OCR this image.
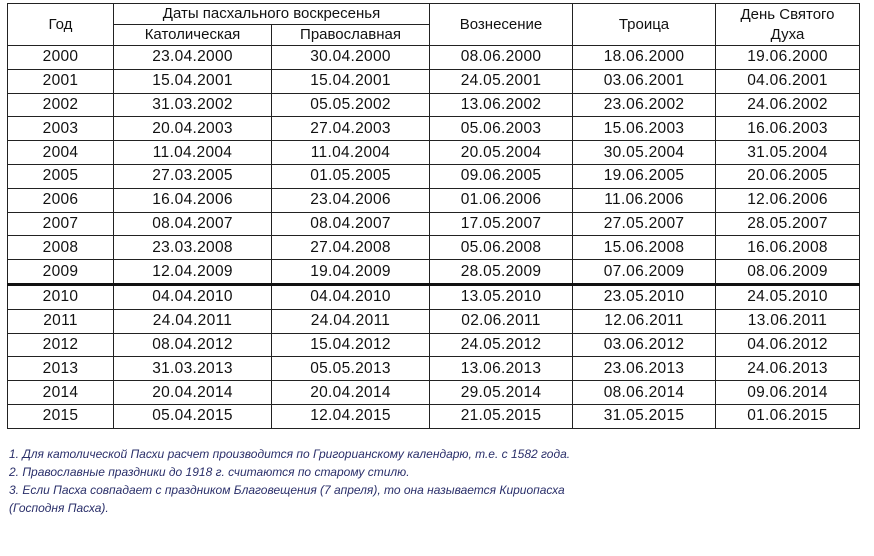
Год	Даты пасхального воскресенья		Вознесение	Троица	День Святого
Духа

	Католическая	Православная			
2000	23.04.2000	30.04.2000	08.06.2000	18.06.2000	19.06.2000
2001	15.04.2001	15.04.2001	24.05.2001	03.06.2001	04.06.2001
2002	31.03.2002	05.05.2002	13.06.2002	23.06.2002	24.06.2002
2003	20.04.2003	27.04.2003	05.06.2003	15.06.2003	16.06.2003
2004	11.04.2004	11.04.2004	20.05.2004	30.05.2004	31.05.2004
2005	27.03.2005	01.05.2005	09.06.2005	19.06.2005	20.06.2005
2006	16.04.2006	23.04.2006	01.06.2006	11.06.2006	12.06.2006
2007	08.04.2007	08.04.2007	17.05.2007	27.05.2007	28.05.2007
2008	23.03.2008	27.04.2008	05.06.2008	15.06.2008	16.06.2008
2009	12.04.2009	19.04.2009	28.05.2009	07.06.2009	08.06.2009
2010	04.04.2010	04.04.2010	13.05.2010	23.05.2010	24.05.2010
2011	24.04.2011	24.04.2011	02.06.2011	12.06.2011	13.06.2011
2012	08.04.2012	15.04.2012	24.05.2012	03.06.2012	04.06.2012
2013	31.03.2013	05.05.2013	13.06.2013	23.06.2013	24.06.2013
2014	20.04.2014	20.04.2014	29.05.2014	08.06.2014	09.06.2014
2015	05.04.2015	12.04.2015	21.05.2015	31.05.2015	01.06.2015

1. Для католической Пасхи расчет производится по Григорианскому календарю, т.е. с 1582 года.

2. Православные праздники до 1918 г. считаются по старому стилю.

3. Если Пасха совпадает с праздником Благовещения (7 апреля), то она называется Кириопасха

(Господня Пасха).
